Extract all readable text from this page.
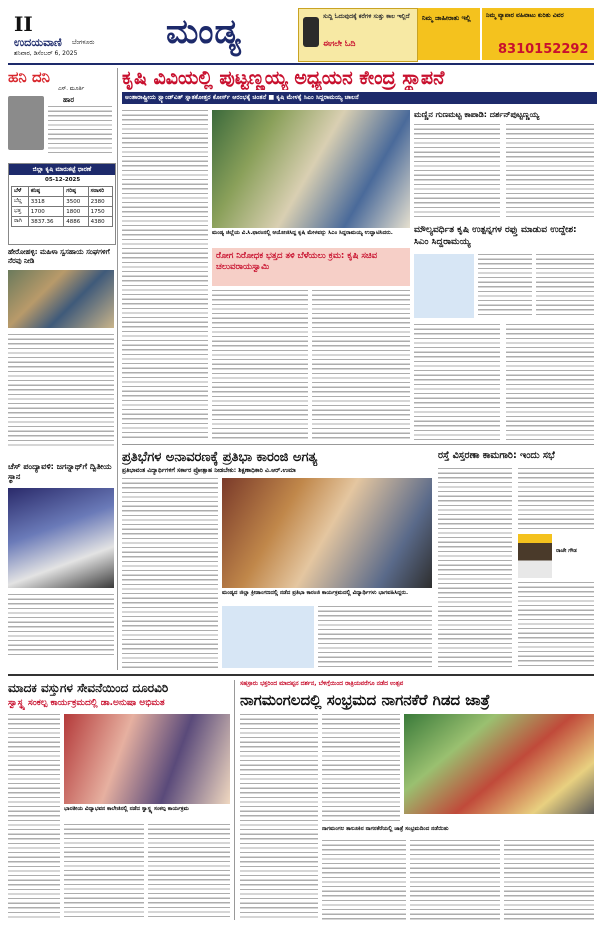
II
ಉದಯವಾಣಿ ಬೆಂಗಳೂರು
ಶನಿವಾರ, ಡಿಸೆಂಬರ್ 6, 2025
ಮಂಡ್ಯ	ಸುದ್ದಿ ಓದುವುದಕ್ಕೆ ಕರೆಗಳಿ ಸುತ್ತು ಕಾಲ ಇಲ್ಲಿದೆ
ಈಗಲೇ ಓದಿ
ನಿಮ್ಮ ಜಾಹೀರಾತು ಇಲ್ಲಿ	ನಿಮ್ಮ ವ್ಯಾಪಾರ ವಹಿವಾಟು ಕುರಿತು ವಿವರ
8310152292
ಹನಿ ದನಿ
ಎಸ್. ಮೂರ್ತಿ
ಹಾರ
ಜಿಲ್ಲಾ ಕೃಷಿ ಮಾರುಕಟ್ಟೆ ಧಾರಣೆ
05-12-2025
ಬೆಳೆ	ಕನಿಷ್ಠ	ಗರಿಷ್ಠ	ಸರಾಸರಿ
ಬೆಲ್ಲ	3318	3500	2380
ಭತ್ತ	1700	1800	1750
ರಾಗಿ	3837.36	4886	4380
ಹೇರೋಹಳ್ಳಿ: ಮಹಿಳಾ ಸ್ವಸಹಾಯ ಸಂಘಗಳಿಗೆ ನೆರವು ನೀಡಿ
ಚೆಸ್ ಪಂದ್ಯಾವಳಿ: ಜಗನ್ನಾಥ್‌ಗೆ ದ್ವಿತೀಯ ಸ್ಥಾನ
ಕೃಷಿ ವಿವಿಯಲ್ಲಿ ಪುಟ್ಟಣ್ಣಯ್ಯ ಅಧ್ಯಯನ ಕೇಂದ್ರ ಸ್ಥಾಪನೆ
ಅಂತಾರಾಷ್ಟ್ರೀಯ ಸ್ಟ್ಯಾಂಡ್‌ವಿತ್ ಸ್ನಾತಕೋತ್ತರ ಕೋರ್ಸ್ ಆರಂಭಕ್ಕೆ ಚಿಂತನೆ ■ ಕೃಷಿ ಮೇಳಕ್ಕೆ ಸಿಎಂ ಸಿದ್ದರಾಮಯ್ಯ ಚಾಲನೆ
ಮಂಡ್ಯ ಜಿಲ್ಲೆಯ ವಿ.ಸಿ.ಫಾರಂನಲ್ಲಿ ಆಯೋಜಿಸಿದ್ದ ಕೃಷಿ ಮೇಳವನ್ನು ಸಿಎಂ ಸಿದ್ದರಾಮಯ್ಯ ಉದ್ಘಾಟಿಸಿದರು.
ರೋಗ ನಿರೋಧಕ ಭತ್ತದ ತಳಿ ಬೆಳೆಯಲು ಕ್ರಮ: ಕೃಷಿ ಸಚಿವ ಚಲುವರಾಯಸ್ವಾಮಿ
ಮಣ್ಣಿನ ಗುಣಮಟ್ಟ ಕಾಪಾಡಿ: ದರ್ಶನ್‌ಪುಟ್ಟಣ್ಣಯ್ಯ
ಮೌಲ್ಯವರ್ಧಿತ ಕೃಷಿ ಉತ್ಪನ್ನಗಳ ರಫ್ತು ಮಾಡುವ ಉದ್ದೇಶ: ಸಿಎಂ ಸಿದ್ದರಾಮಯ್ಯ
ಪ್ರತಿಭೆಗಳ ಅನಾವರಣಕ್ಕೆ ಪ್ರತಿಭಾ ಕಾರಂಜಿ ಅಗತ್ಯ
ಪ್ರತಿಭಾವಂತ ವಿದ್ಯಾರ್ಥಿಗಳಿಗೆ ಸರ್ಕಾರ ಪ್ರೋತ್ಸಾಹ ನೀಡಬೇಕು: ಶಿಕ್ಷಣಾಧಿಕಾರಿ ವಿ.ಆರ್.ಉಮಾ
ಮಂಡ್ಯದ ಜಿಲ್ಲಾ ಕ್ರೀಡಾಂಗಣದಲ್ಲಿ ನಡೆದ ಪ್ರತಿಭಾ ಕಾರಂಜಿ ಕಾರ್ಯಕ್ರಮದಲ್ಲಿ ವಿದ್ಯಾರ್ಥಿಗಳು ಭಾಗವಹಿಸಿದ್ದರು.
ರಸ್ತೆ ವಿಸ್ತರಣಾ ಕಾಮಗಾರಿ: ಇಂದು ಸಭೆ
ರಾಜೇ ಗೌಡ
ಮಾದಕ ವಸ್ತುಗಳ ಸೇವನೆಯಿಂದ ದೂರವಿರಿ
ಸ್ವಾಸ್ಥ್ಯ ಸಂಕಲ್ಪ ಕಾರ್ಯಕ್ರಮದಲ್ಲಿ ಡಾ.ಅನುಷಾ ಅಭಿಮತ
ಭಾರತೀಯ ವಿದ್ಯಾಭವನ ಕಾಲೇಜಿನಲ್ಲಿ ನಡೆದ ಸ್ವಾಸ್ಥ್ಯ ಸಂಕಲ್ಪ ಕಾರ್ಯಕ್ರಮ
ಸಹಸ್ರಾರು ಭಕ್ತರಿಂದ ಮಾದಪ್ಪನ ದರ್ಶನ, ಬೆಳಿಗ್ಗೆಯಿಂದ ರಾತ್ರಿಯವರೆಗೂ ನಡೆದ ಉತ್ಸವ
ನಾಗಮಂಗಲದಲ್ಲಿ ಸಂಭ್ರಮದ ನಾಗನಕೆರೆ ಗಿಡದ ಜಾತ್ರೆ
ನಾಗಮಂಗಲ ತಾಲೂಕಿನ ನಾಗನಕೆರೆಯಲ್ಲಿ ಜಾತ್ರೆ ಸಂಭ್ರಮದಿಂದ ನಡೆಯಿತು
